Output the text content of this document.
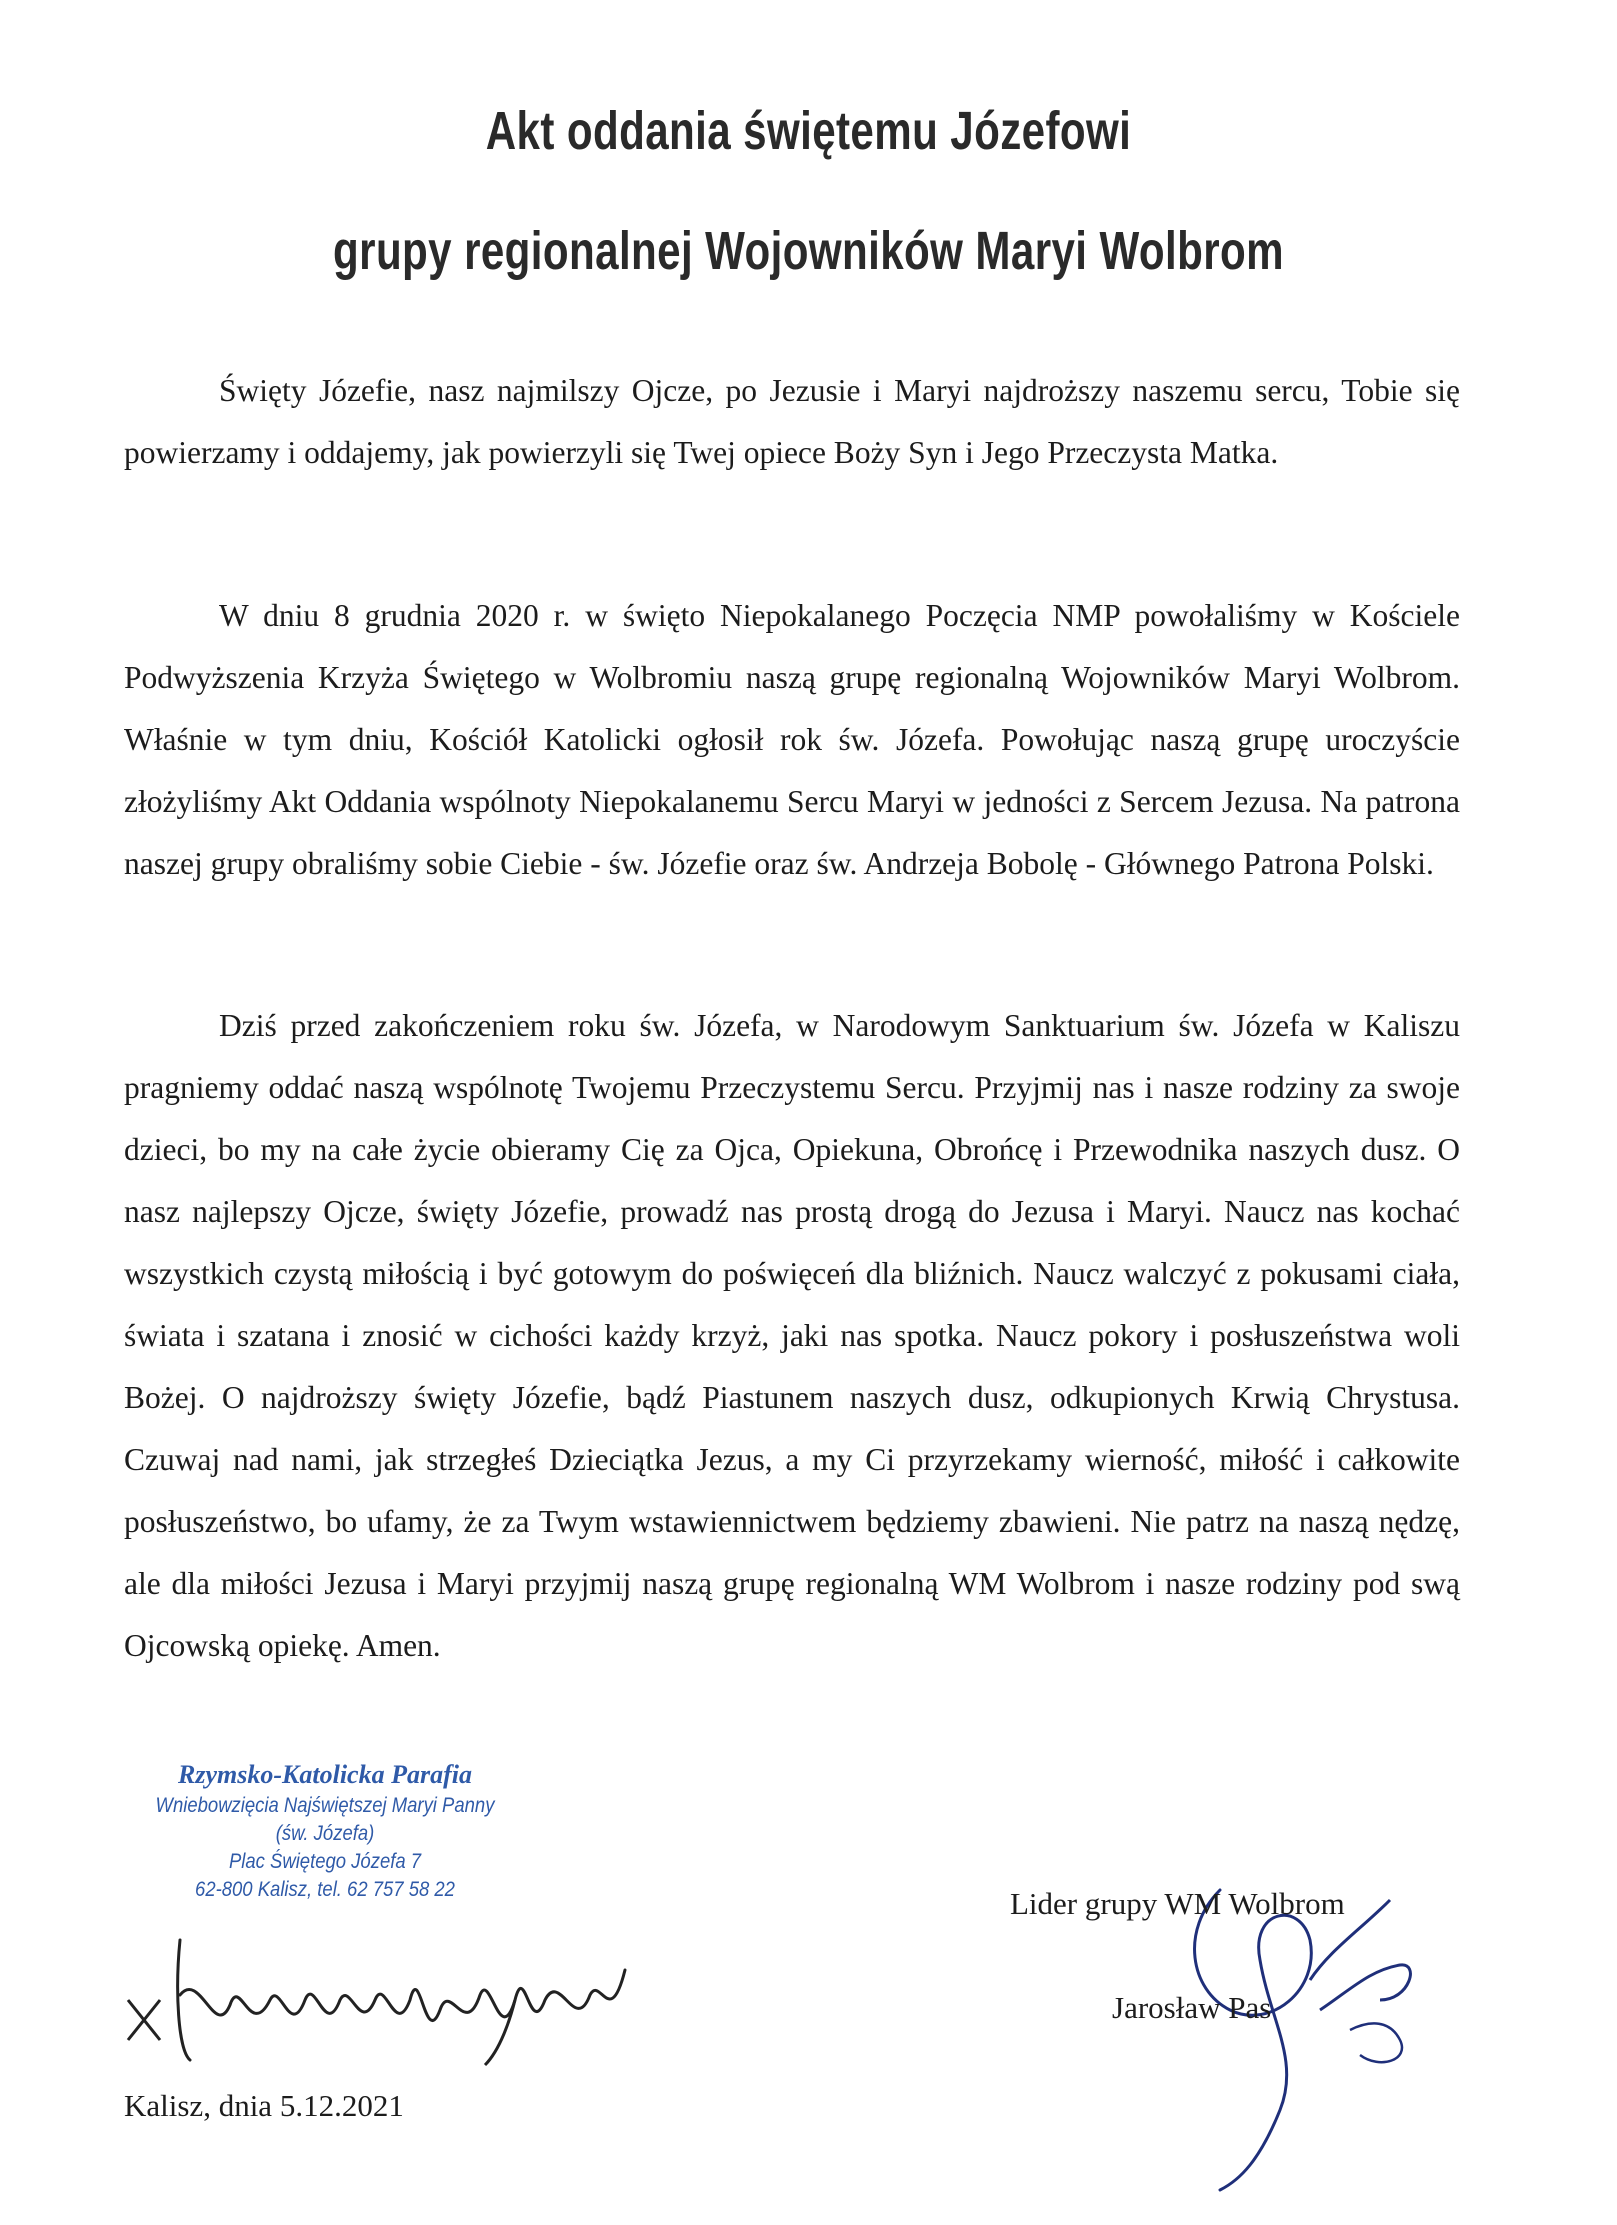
Akt oddania świętemu Józefowi
grupy regionalnej Wojowników Maryi Wolbrom

Święty Józefie, nasz najmilszy Ojcze, po Jezusie i Maryi najdroższy naszemu sercu, Tobie się powierzamy i oddajemy, jak powierzyli się Twej opiece Boży Syn i Jego Przeczysta Matka.

W dniu 8 grudnia 2020 r. w święto Niepokalanego Poczęcia NMP powołaliśmy w Kościele Podwyższenia Krzyża Świętego w Wolbromiu naszą grupę regionalną Wojowników Maryi Wolbrom. Właśnie w tym dniu, Kościół Katolicki ogłosił rok św. Józefa. Powołując naszą grupę uroczyście złożyliśmy Akt Oddania wspólnoty Niepokalanemu Sercu Maryi w jedności z Sercem Jezusa. Na patrona naszej grupy obraliśmy sobie Ciebie - św. Józefie oraz św. Andrzeja Bobolę - Głównego Patrona Polski.

Dziś przed zakończeniem roku św. Józefa, w Narodowym Sanktuarium św. Józefa w Kaliszu pragniemy oddać naszą wspólnotę Twojemu Przeczystemu Sercu. Przyjmij nas i nasze rodziny za swoje dzieci, bo my na całe życie obieramy Cię za Ojca, Opiekuna, Obrońcę i Przewodnika naszych dusz. O nasz najlepszy Ojcze, święty Józefie, prowadź nas prostą drogą do Jezusa i Maryi. Naucz nas kochać wszystkich czystą miłością i być gotowym do poświęceń dla bliźnich. Naucz walczyć z pokusami ciała, świata i szatana i znosić w cichości każdy krzyż, jaki nas spotka. Naucz pokory i posłuszeństwa woli Bożej. O najdroższy święty Józefie, bądź Piastunem naszych dusz, odkupionych Krwią Chrystusa. Czuwaj nad nami, jak strzegłeś Dzieciątka Jezus, a my Ci przyrzekamy wierność, miłość i całkowite posłuszeństwo, bo ufamy, że za Twym wstawiennictwem będziemy zbawieni. Nie patrz na naszą nędzę, ale dla miłości Jezusa i Maryi przyjmij naszą grupę regionalną WM Wolbrom i nasze rodziny pod swą Ojcowską opiekę. Amen.

Rzymsko-Katolicka Parafia
Wniebowzięcia Najświętszej Maryi Panny
(św. Józefa)
Plac Świętego Józefa 7
62-800 Kalisz, tel. 62 757 58 22	Lider grupy WM Wolbrom
Jarosław Pas
Kalisz, dnia 5.12.2021
